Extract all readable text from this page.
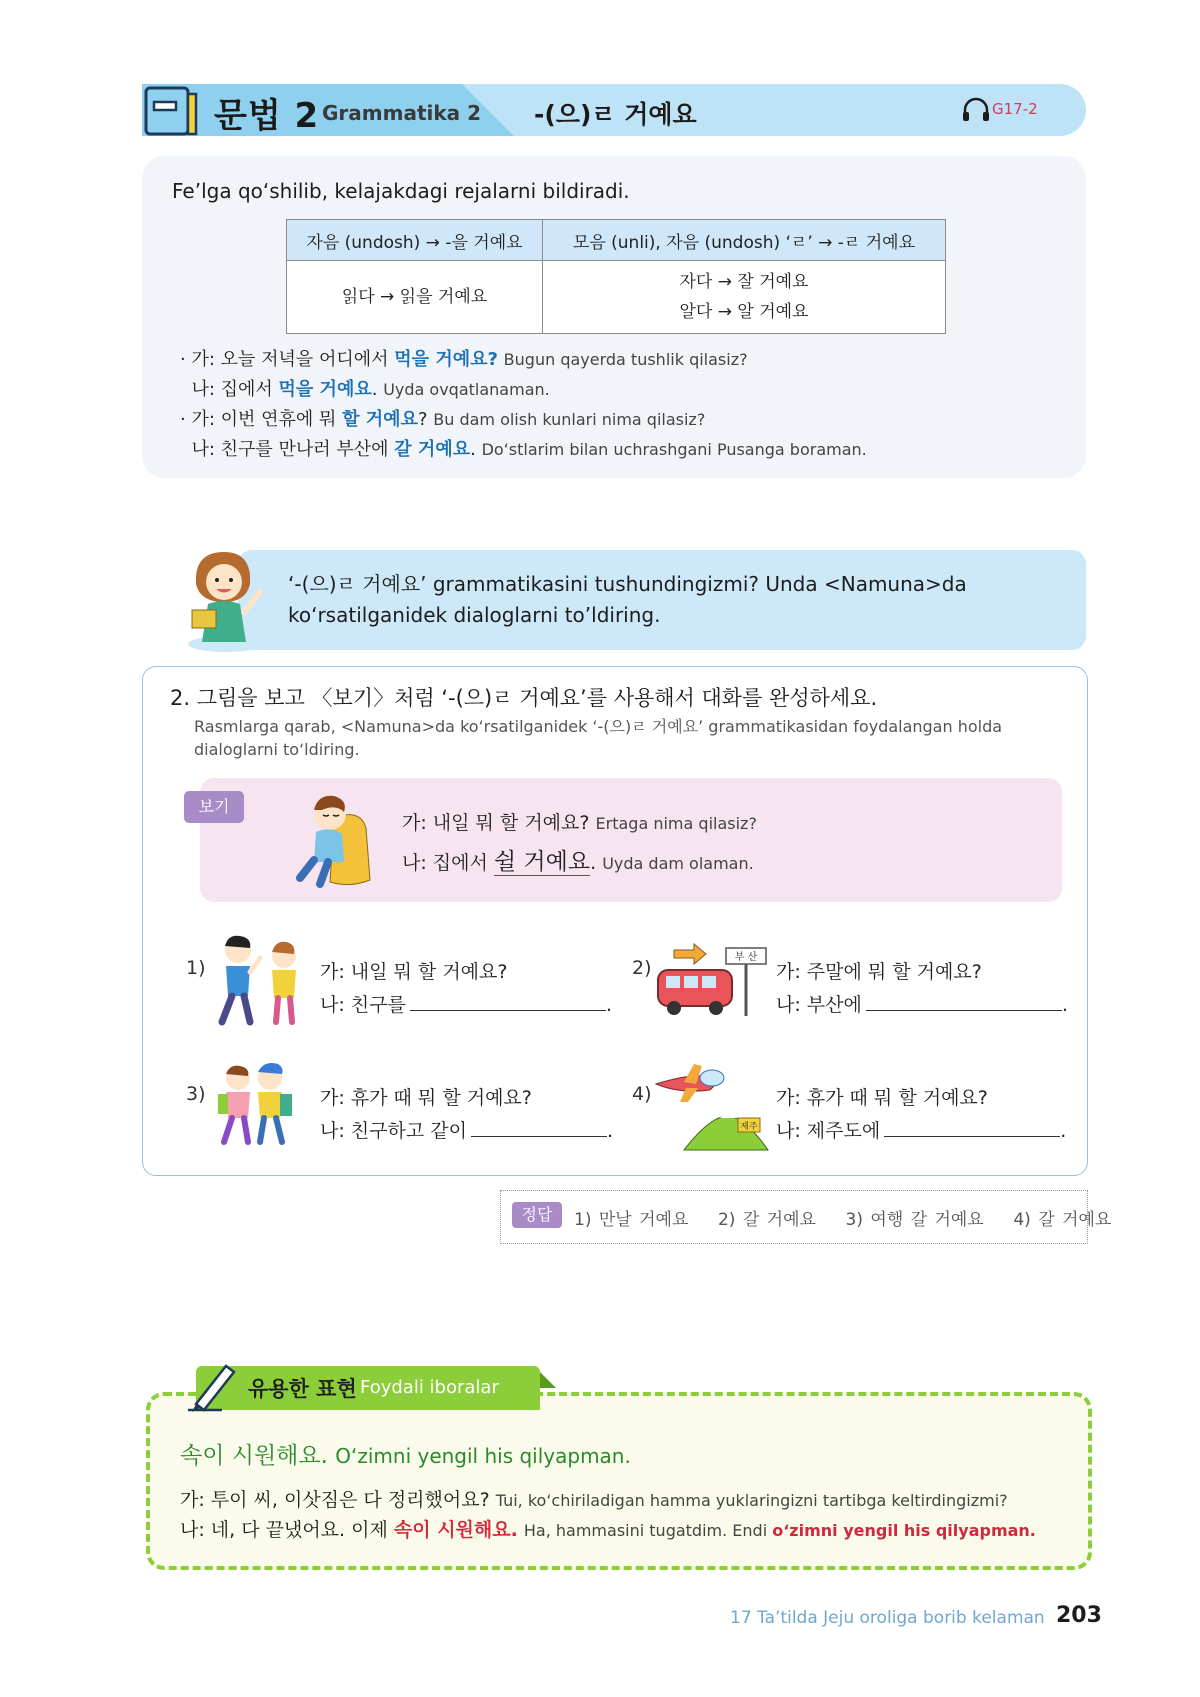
문법 2 Grammatika 2 -(으)ㄹ 거예요	G17-2
Fe’lga qo‘shilib, kelajakdagi rejalarni bildiradi.
자음 (undosh) → -을 거예요	모음 (unli), 자음 (undosh) ‘ㄹ’ → -ㄹ 거예요
읽다 → 읽을 거예요	자다 → 잘 거예요
알다 → 알 거예요
· 가: 오늘 저녁을 어디에서 먹을 거예요? Bugun qayerda tushlik qilasiz?
나: 집에서 먹을 거예요. Uyda ovqatlanaman.
· 가: 이번 연휴에 뭐 할 거예요? Bu dam olish kunlari nima qilasiz?
나: 친구를 만나러 부산에 갈 거예요. Do‘stlarim bilan uchrashgani Pusanga boraman.
‘-(으)ㄹ 거예요’ grammatikasini tushundingizmi? Unda <Namuna>da
ko‘rsatilganidek dialoglarni to’ldiring.
2. 그림을 보고 〈보기〉처럼 ‘-(으)ㄹ 거예요’를 사용해서 대화를 완성하세요.
Rasmlarga qarab, <Namuna>da ko‘rsatilganidek ‘-(으)ㄹ 거예요’ grammatikasidan foydalangan holda dialoglarni to‘ldiring.
보기
가: 내일 뭐 할 거예요? Ertaga nima qilasiz?
나: 집에서 쉴 거예요. Uyda dam olaman.
1)	가: 내일 뭐 할 거예요?
나: 친구를	.
2)	부 산
가: 주말에 뭐 할 거예요?
나: 부산에	.
3)	가: 휴가 때 뭐 할 거예요?
나: 친구하고 같이	.
4)
제주
가: 휴가 때 뭐 할 거예요?
나: 제주도에	.
정답	1) 만날 거예요    2) 갈 거예요    3) 여행 갈 거예요    4) 갈 거예요
유용한 표현 Foydali iboralar
속이 시원해요. O‘zimni yengil his qilyapman.
가: 투이 씨, 이삿짐은 다 정리했어요? Tui, ko‘chiriladigan hamma yuklaringizni tartibga keltirdingizmi?
나: 네, 다 끝냈어요. 이제 속이 시원해요. Ha, hammasini tugatdim. Endi o‘zimni yengil his qilyapman.
17 Ta’tilda Jeju oroliga borib kelaman 203
